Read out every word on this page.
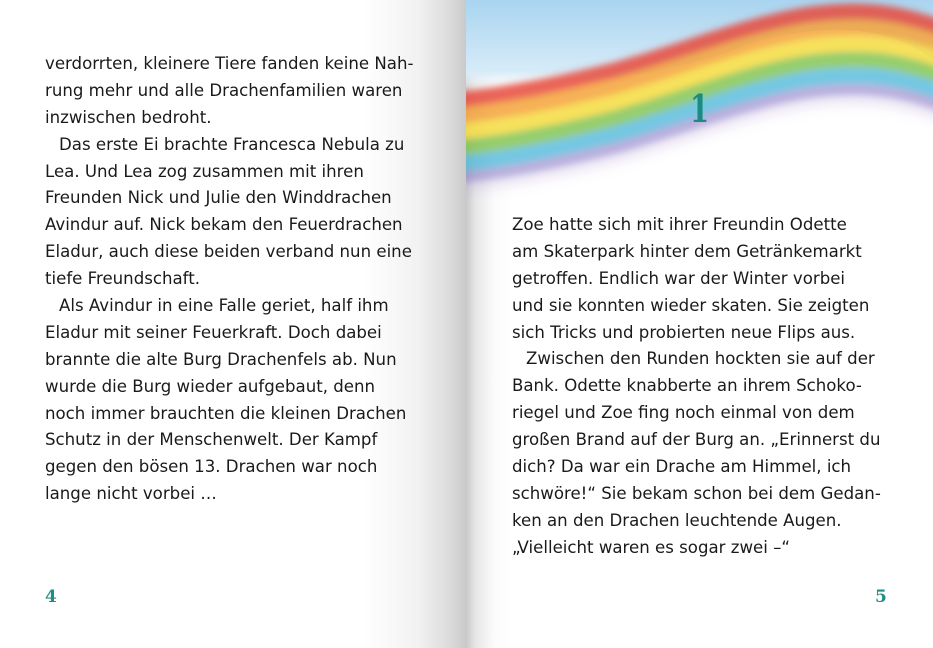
verdorrten, kleinere Tiere fanden keine Nah-
rung mehr und alle Drachenfamilien waren
inzwischen bedroht.
Das erste Ei brachte Francesca Nebula zu
Lea. Und Lea zog zusammen mit ihren
Freunden Nick und Julie den Winddrachen
Avindur auf. Nick bekam den Feuerdrachen
Eladur, auch diese beiden verband nun eine
tiefe Freundschaft.
Als Avindur in eine Falle geriet, half ihm
Eladur mit seiner Feuerkraft. Doch dabei
brannte die alte Burg Drachenfels ab. Nun
wurde die Burg wieder aufgebaut, denn
noch immer brauchten die kleinen Drachen
Schutz in der Menschenwelt. Der Kampf
gegen den bösen 13. Drachen war noch
lange nicht vorbei …
4
1
Zoe hatte sich mit ihrer Freundin Odette
am Skaterpark hinter dem Getränkemarkt
getroffen. Endlich war der Winter vorbei
und sie konnten wieder skaten. Sie zeigten
sich Tricks und probierten neue Flips aus.
Zwischen den Runden hockten sie auf der
Bank. Odette knabberte an ihrem Schoko-
riegel und Zoe fing noch einmal von dem
großen Brand auf der Burg an. „Erinnerst du
dich? Da war ein Drache am Himmel, ich
schwöre!“ Sie bekam schon bei dem Gedan-
ken an den Drachen leuchtende Augen.
„Vielleicht waren es sogar zwei –“
5
